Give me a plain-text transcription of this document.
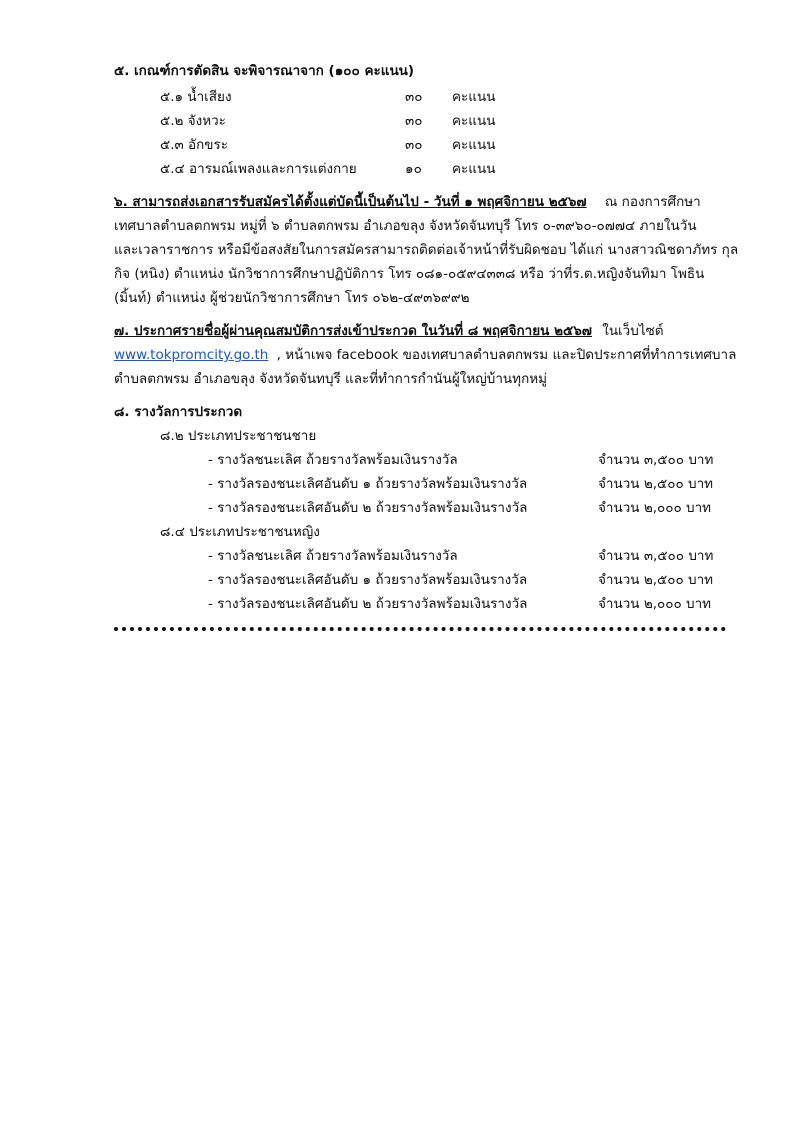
๕. เกณฑ์การตัดสิน จะพิจารณาจาก (๑๐๐ คะแนน)
๕.๑ น้ำเสียง	๓๐ คะแนน
๕.๒ จังหวะ	๓๐ คะแนน
๕.๓ อักขระ	๓๐ คะแนน
๕.๔ อารมณ์เพลงและการแต่งกาย	๑๐ คะแนน
๖. สามารถส่งเอกสารรับสมัครได้ตั้งแต่บัดนี้เป็นต้นไป - วันที่ ๑ พฤศจิกายน ๒๕๖๗ ณ กองการศึกษา
เทศบาลตำบลตกพรม หมู่ที่ ๖ ตำบลตกพรม อำเภอขลุง จังหวัดจันทบุรี โทร ๐-๓๙๖๐-๐๗๗๔ ภายในวัน
และเวลาราชการ หรือมีข้อสงสัยในการสมัครสามารถติดต่อเจ้าหน้าที่รับผิดชอบ ได้แก่ นางสาวณิชดาภัทร กุล
กิจ (หนิง) ตำแหน่ง นักวิชาการศึกษาปฏิบัติการ โทร ๐๘๑-๐๕๙๔๓๓๘ หรือ ว่าที่ร.ต.หญิงจันทิมา โพธิน
(มิ้นท์) ตำแหน่ง ผู้ช่วยนักวิชาการศึกษา โทร ๐๖๒-๔๙๓๖๙๙๒
๗. ประกาศรายชื่อผู้ผ่านคุณสมบัติการส่งเข้าประกวด ในวันที่ ๘ พฤศจิกายน ๒๕๖๗ ในเว็บไซต์
www.tokpromcity.go.th , หน้าเพจ facebook ของเทศบาลตำบลตกพรม และปิดประกาศที่ทำการเทศบาล
ตำบลตกพรม อำเภอขลุง จังหวัดจันทบุรี และที่ทำการกำนันผู้ใหญ่บ้านทุกหมู่
๘. รางวัลการประกวด
๘.๒ ประเภทประชาชนชาย
- รางวัลชนะเลิศ ถ้วยรางวัลพร้อมเงินรางวัล	จำนวน ๓,๕๐๐ บาท
- รางวัลรองชนะเลิศอันดับ ๑ ถ้วยรางวัลพร้อมเงินรางวัล	จำนวน ๒,๕๐๐ บาท
- รางวัลรองชนะเลิศอันดับ ๒ ถ้วยรางวัลพร้อมเงินรางวัล	จำนวน ๒,๐๐๐ บาท
๘.๔ ประเภทประชาชนหญิง
- รางวัลชนะเลิศ ถ้วยรางวัลพร้อมเงินรางวัล	จำนวน ๓,๕๐๐ บาท
- รางวัลรองชนะเลิศอันดับ ๑ ถ้วยรางวัลพร้อมเงินรางวัล	จำนวน ๒,๕๐๐ บาท
- รางวัลรองชนะเลิศอันดับ ๒ ถ้วยรางวัลพร้อมเงินรางวัล	จำนวน ๒,๐๐๐ บาท
